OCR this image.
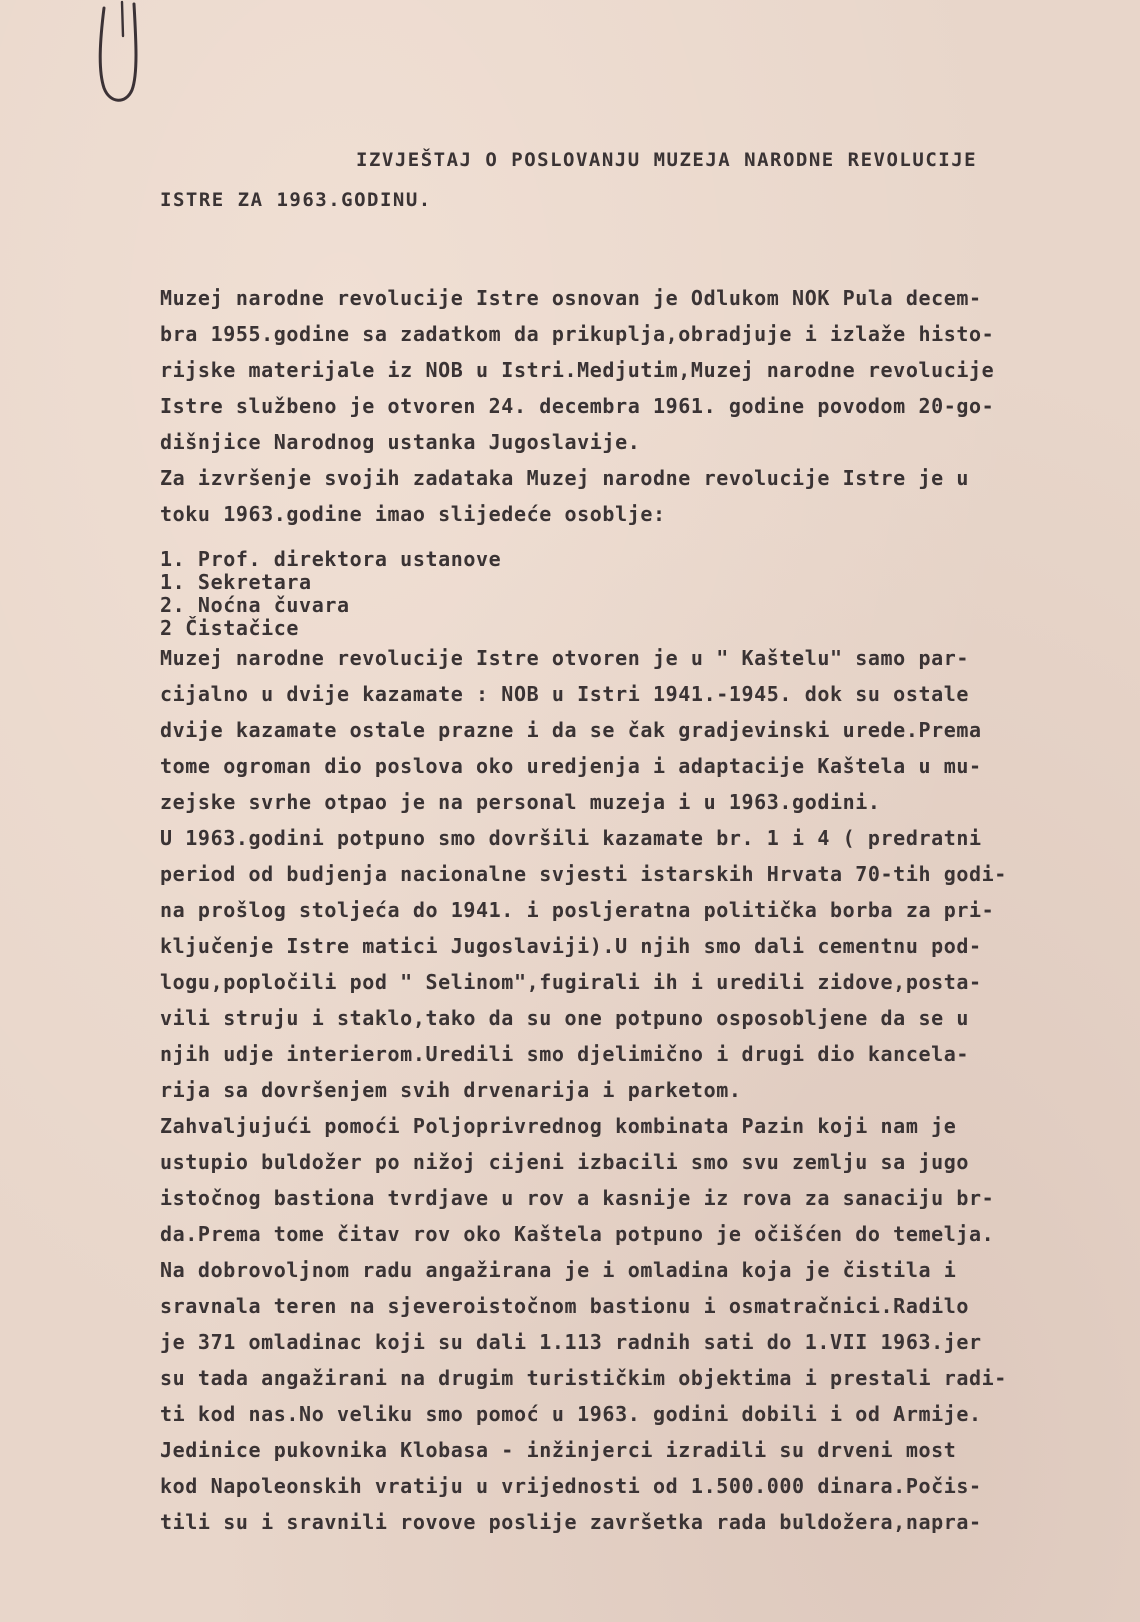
IZVJEŠTAJ O POSLOVANJU MUZEJA NARODNE REVOLUCIJE
ISTRE ZA 1963.GODINU.
Muzej narodne revolucije Istre osnovan je Odlukom NOK Pula decem-
bra 1955.godine sa zadatkom da prikuplja,obradjuje i izlaže histo-
rijske materijale iz NOB u Istri.Medjutim,Muzej narodne revolucije
Istre službeno je otvoren 24. decembra 1961. godine povodom 20-go-
dišnjice Narodnog ustanka Jugoslavije.
Za izvršenje svojih zadataka Muzej narodne revolucije Istre je u
toku 1963.godine imao slijedeće osoblje:
1. Prof. direktora ustanove
1. Sekretara
2. Noćna čuvara
2 Čistačice
Muzej narodne revolucije Istre otvoren je u " Kaštelu" samo par-
cijalno u dvije kazamate : NOB u Istri 1941.-1945. dok su ostale
dvije kazamate ostale prazne i da se čak gradjevinski urede.Prema
tome ogroman dio poslova oko uredjenja i adaptacije Kaštela u mu-
zejske svrhe otpao je na personal muzeja i u 1963.godini.
U 1963.godini potpuno smo dovršili kazamate br. 1 i 4 ( predratni
period od budjenja nacionalne svjesti istarskih Hrvata 70-tih godi-
na prošlog stoljeća do 1941. i posljeratna politička borba za pri-
ključenje Istre matici Jugoslaviji).U njih smo dali cementnu pod-
logu,popločili pod " Selinom",fugirali ih i uredili zidove,posta-
vili struju i staklo,tako da su one potpuno osposobljene da se u
njih udje interierom.Uredili smo djelimično i drugi dio kancela-
rija sa dovršenjem svih drvenarija i parketom.
Zahvaljujući pomoći Poljoprivrednog kombinata Pazin koji nam je
ustupio buldožer po nižoj cijeni izbacili smo svu zemlju sa jugo
istočnog bastiona tvrdjave u rov a kasnije iz rova za sanaciju br-
da.Prema tome čitav rov oko Kaštela potpuno je očišćen do temelja.
Na dobrovoljnom radu angažirana je i omladina koja je čistila i
sravnala teren na sjeveroistočnom bastionu i osmatračnici.Radilo
je 371 omladinac koji su dali 1.113 radnih sati do 1.VII 1963.jer
su tada angažirani na drugim turističkim objektima i prestali radi-
ti kod nas.No veliku smo pomoć u 1963. godini dobili i od Armije.
Jedinice pukovnika Klobasa - inžinjerci izradili su drveni most
kod Napoleonskih vratiju u vrijednosti od 1.500.000 dinara.Počis-
tili su i sravnili rovove poslije završetka rada buldožera,napra-
